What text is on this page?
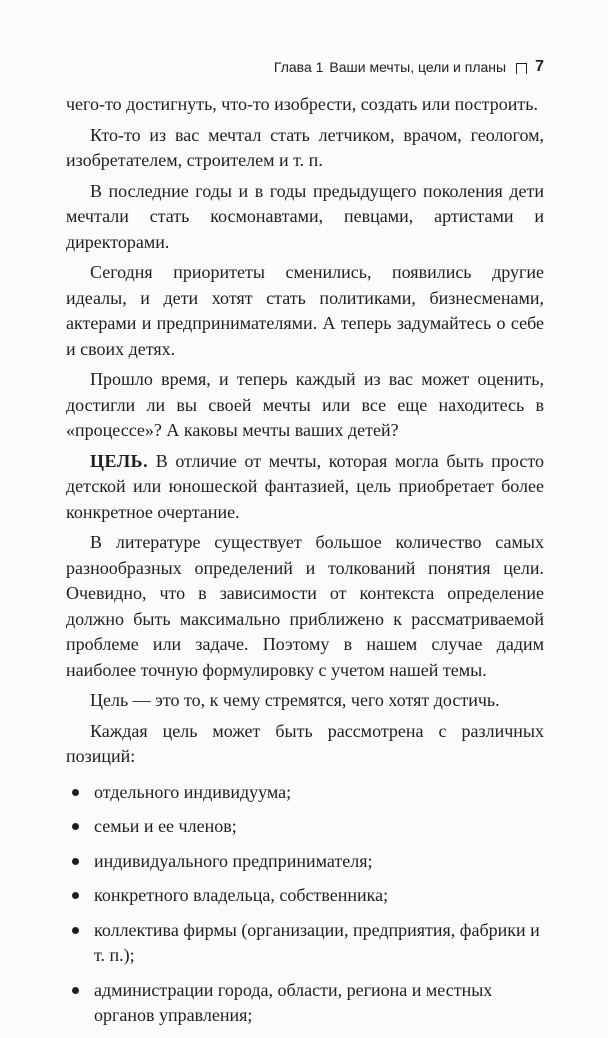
Глава 1 Ваши мечты, цели и планы 7

чего-то достигнуть, что-то изобрести, создать или построить.

Кто-то из вас мечтал стать летчиком, врачом, геологом, изобретателем, строителем и т. п.

В последние годы и в годы предыдущего поколения дети мечтали стать космонавтами, певцами, артистами и директорами.

Сегодня приоритеты сменились, появились другие идеалы, и дети хотят стать политиками, бизнесменами, актерами и предпринимателями. А теперь задумайтесь о себе и своих детях.

Прошло время, и теперь каждый из вас может оценить, достигли ли вы своей мечты или все еще находитесь в «процессе»? А каковы мечты ваших детей?

ЦЕЛЬ. В отличие от мечты, которая могла быть просто детской или юношеской фантазией, цель приобретает более конкретное очертание.

В литературе существует большое количество самых разнообразных определений и толкований понятия цели. Очевидно, что в зависимости от контекста определение должно быть максимально приближено к рассматриваемой проблеме или задаче. Поэтому в нашем случае дадим наиболее точную формулировку с учетом нашей темы.

Цель — это то, к чему стремятся, чего хотят достичь.

Каждая цель может быть рассмотрена с различных позиций:

отдельного индивидуума;
семьи и ее членов;
индивидуального предпринимателя;
конкретного владельца, собственника;
коллектива фирмы (организации, предприятия, фабрики и т. п.);
администрации города, области, региона и местных органов управления;
